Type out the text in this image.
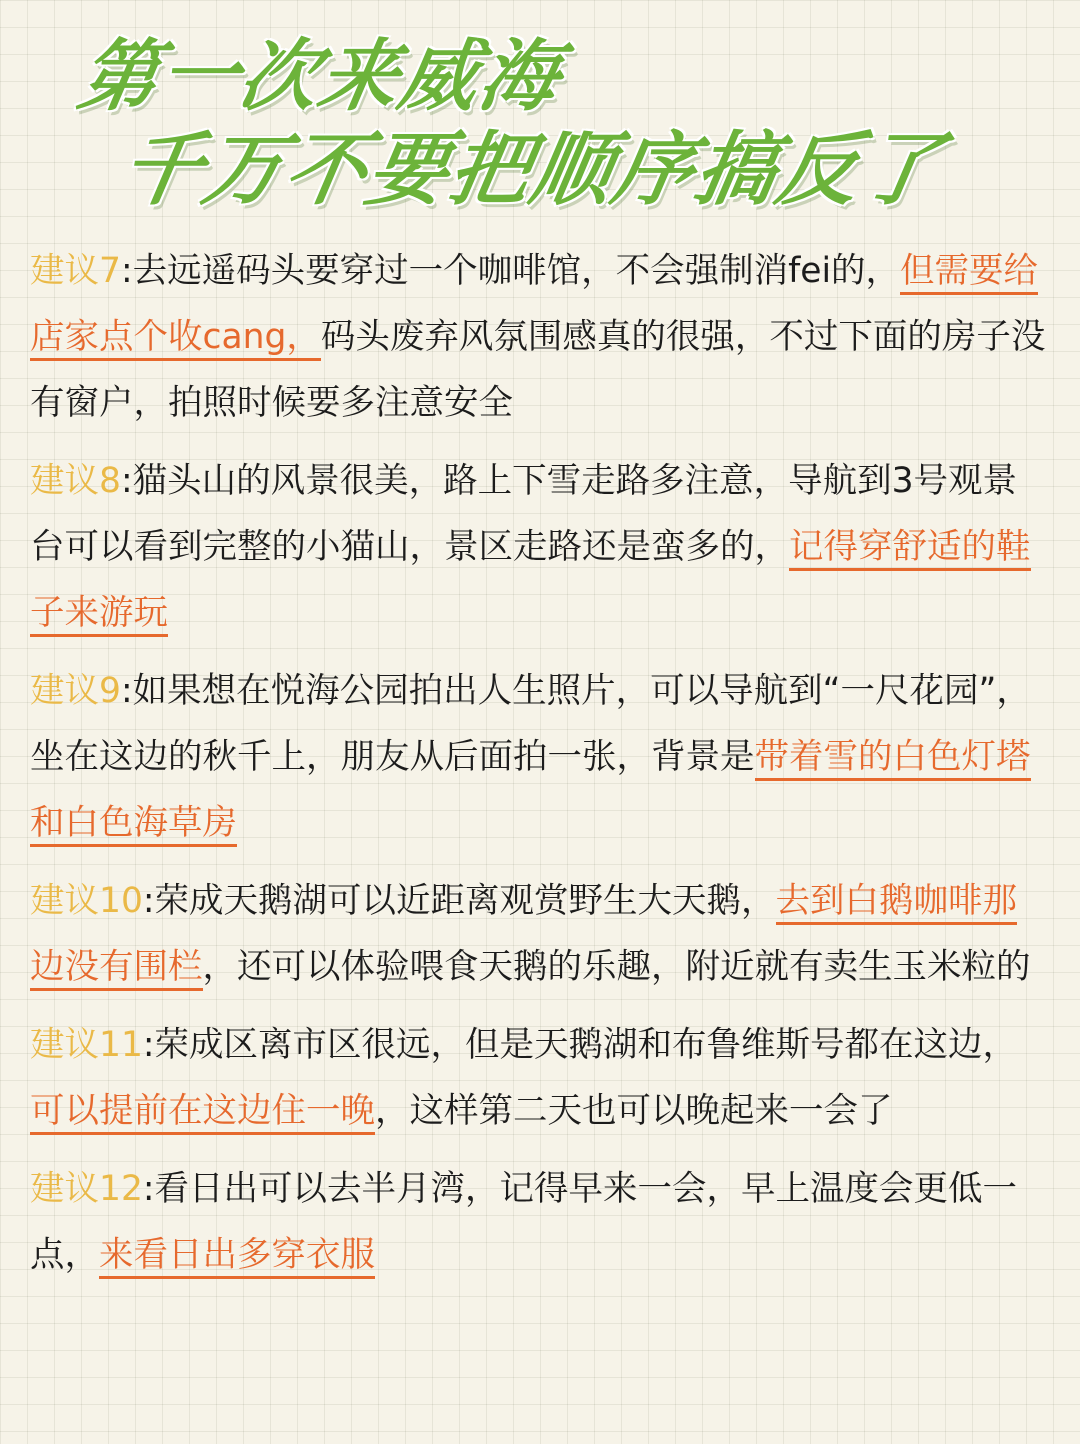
第一次来威海
千万不要把顺序搞反了
建议7:去远遥码头要穿过一个咖啡馆，不会强制消fei的，但需要给店家点个收cang，码头废弃风氛围感真的很强，不过下面的房子没有窗户，拍照时候要多注意安全
建议8:猫头山的风景很美，路上下雪走路多注意，导航到3号观景台可以看到完整的小猫山，景区走路还是蛮多的，记得穿舒适的鞋子来游玩
建议9:如果想在悦海公园拍出人生照片，可以导航到“一尺花园”，坐在这边的秋千上，朋友从后面拍一张，背景是带着雪的白色灯塔和白色海草房
建议10:荣成天鹅湖可以近距离观赏野生大天鹅，去到白鹅咖啡那边没有围栏，还可以体验喂食天鹅的乐趣，附近就有卖生玉米粒的
建议11:荣成区离市区很远，但是天鹅湖和布鲁维斯号都在这边，可以提前在这边住一晚，这样第二天也可以晚起来一会了
建议12:看日出可以去半月湾，记得早来一会，早上温度会更低一点，来看日出多穿衣服
